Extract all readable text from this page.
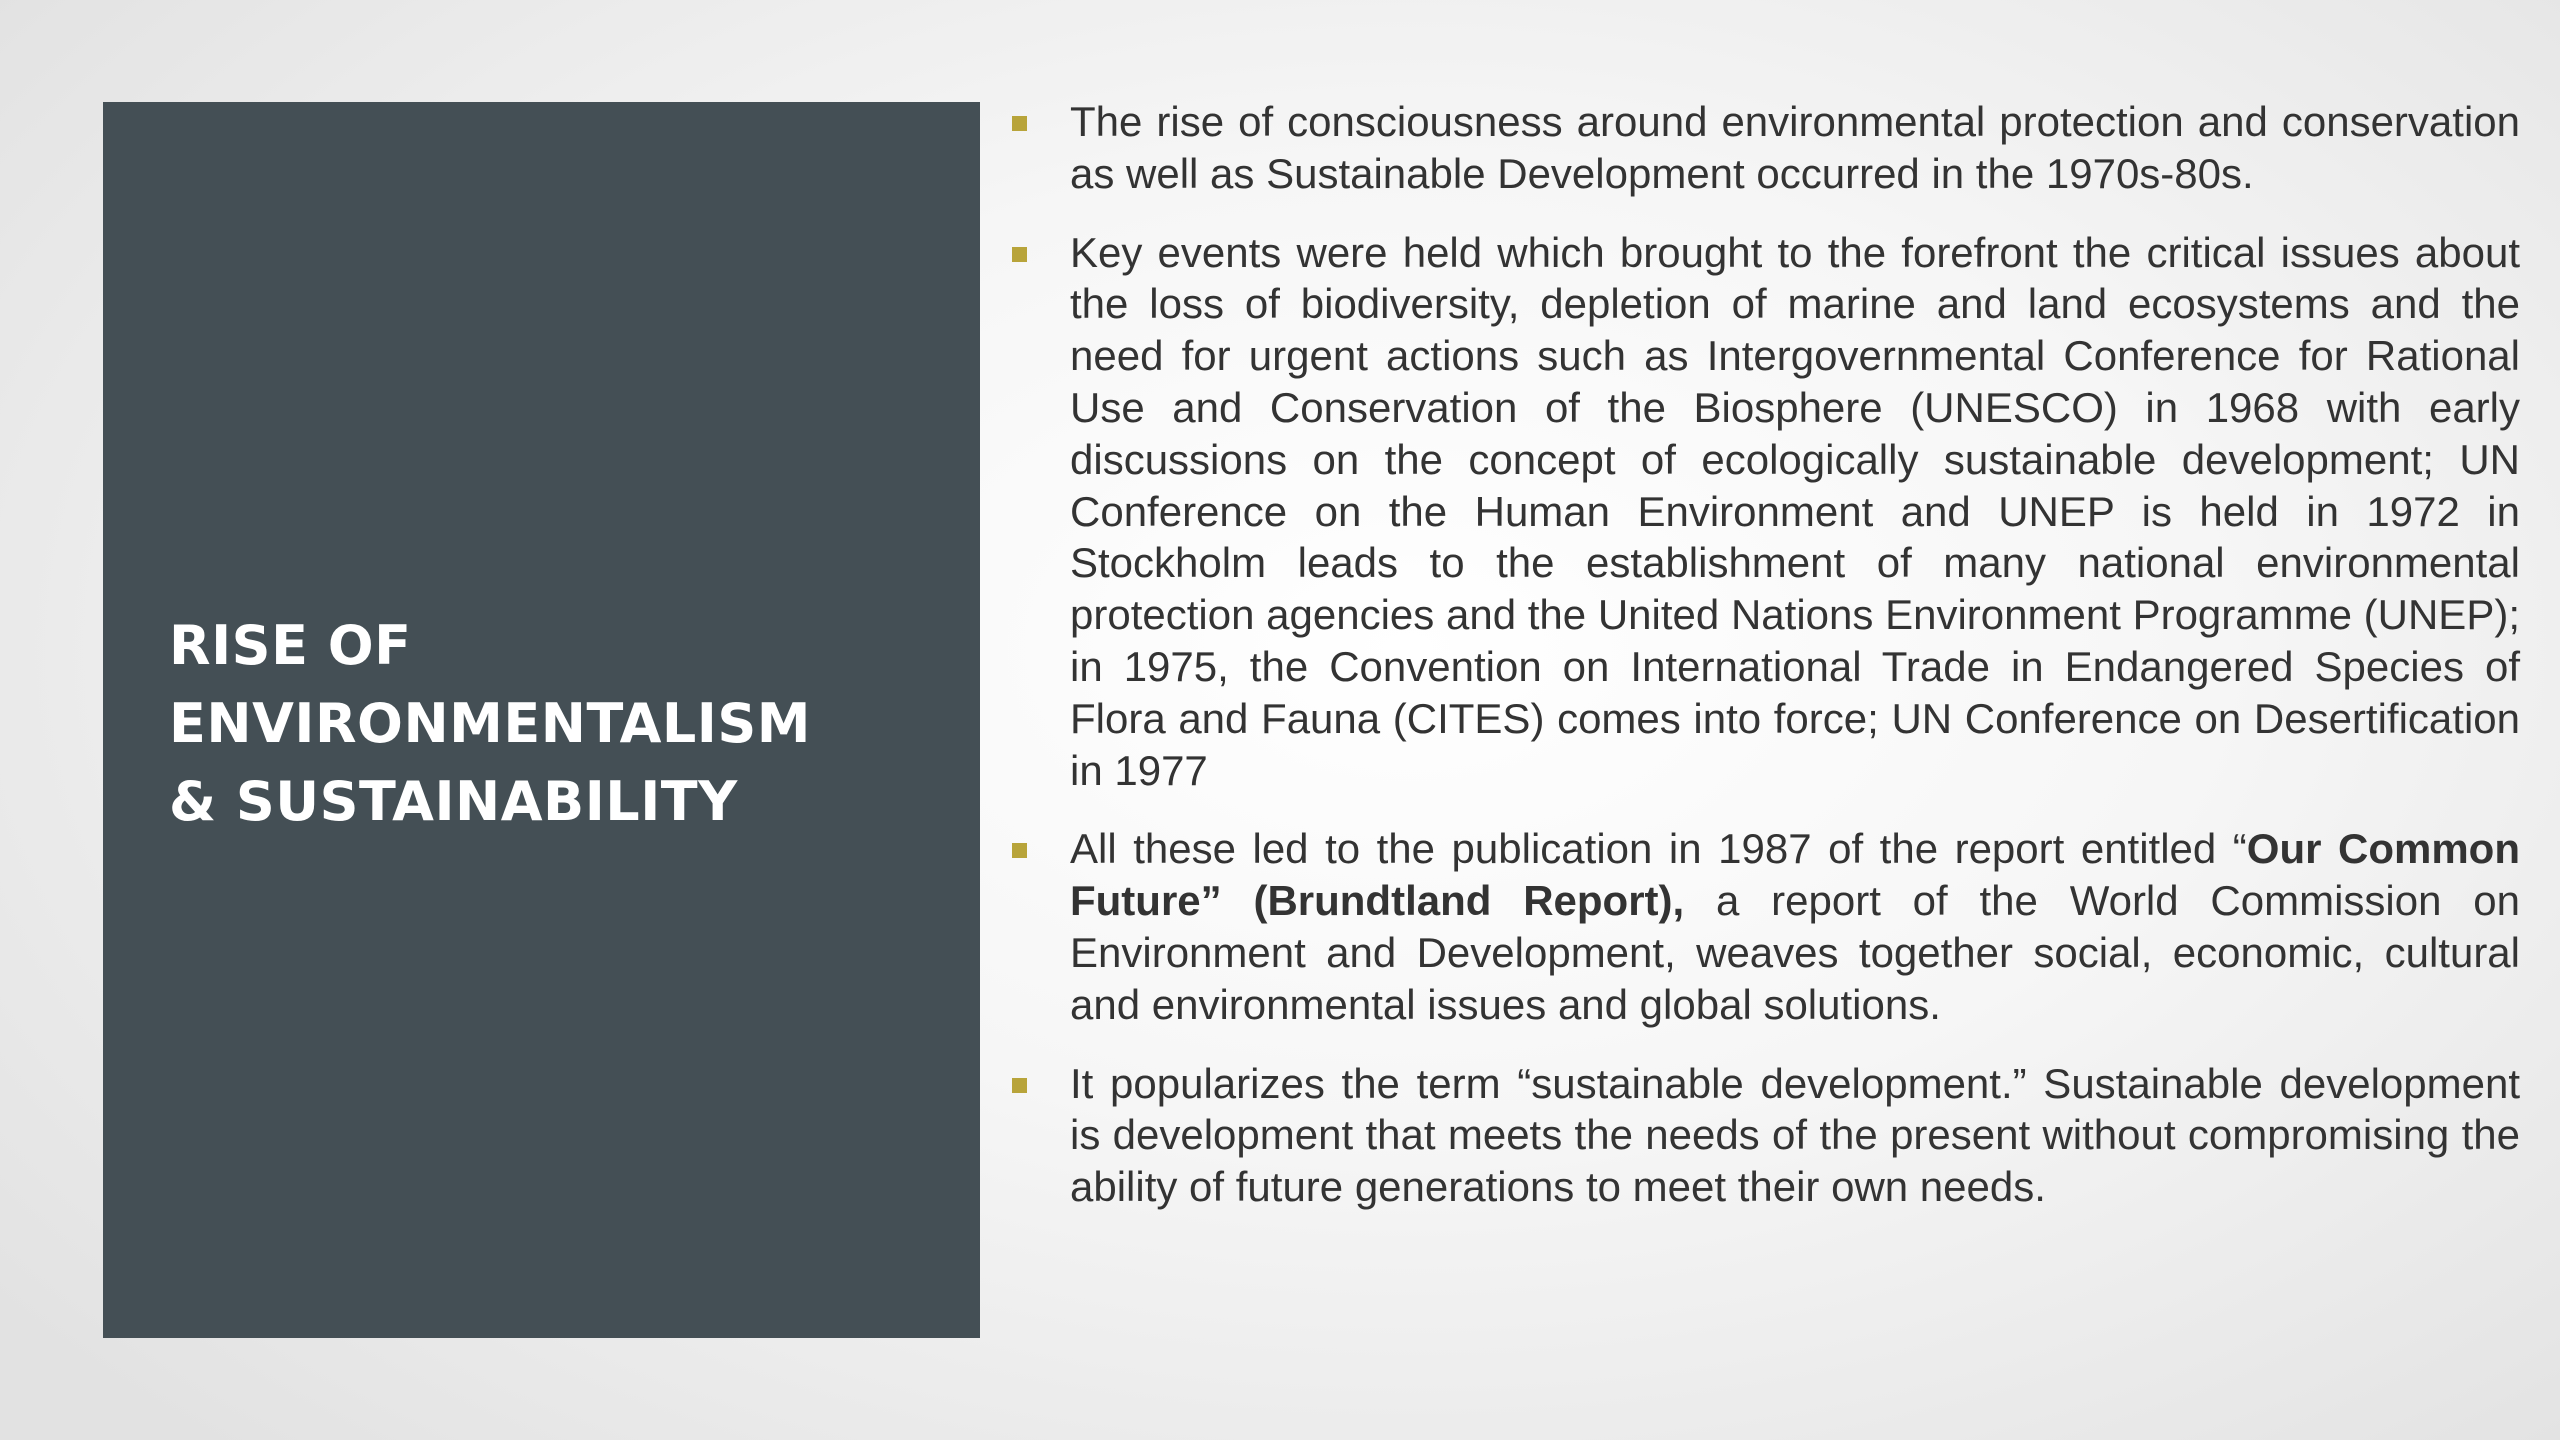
RISE OF
ENVIRONMENTALISM
& SUSTAINABILITY
The rise of consciousness around environmental protection and conservation as well as Sustainable Development occurred in the 1970s-80s.
Key events were held which brought to the forefront the critical issues about the loss of biodiversity, depletion of marine and land ecosystems and the need for urgent actions such as Intergovernmental Conference for Rational Use and Conservation of the Biosphere (UNESCO) in 1968 with early discussions on the concept of ecologically sustainable development; UN Conference on the Human Environment and UNEP is held in 1972 in Stockholm leads to the establishment of many national environmental protection agencies and the United Nations Environment Programme (UNEP); in 1975, the Convention on International Trade in Endangered Species of Flora and Fauna (CITES) comes into force; UN Conference on Desertification in 1977
All these led to the publication in 1987 of the report entitled “Our Common Future” (Brundtland Report), a report of the World Commission on Environment and Development, weaves together social, economic, cultural and environmental issues and global solutions.
It popularizes the term “sustainable development.” Sustainable development is development that meets the needs of the present without compromising the ability of future generations to meet their own needs.
